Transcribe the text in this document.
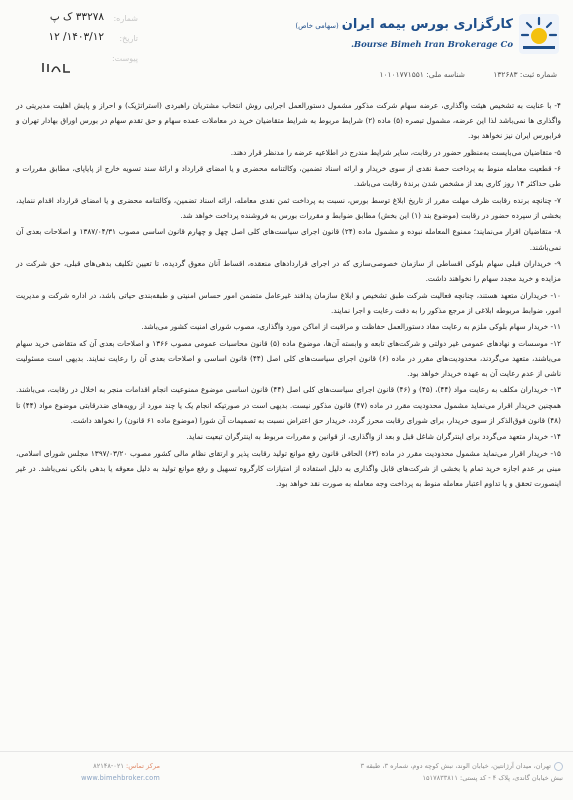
کارگزاری بورس بیمه ایران(سهامی خاص)
Bourse Bimeh Iran Brokerage Co.
شماره:
۳۳۲۷۸ ک پ
تاریخ:
۱۴۰۳/۱۲/ ۱۲
پیوست:
شماره ثبت: ۱۳۲۶۸۳ شناسه ملی: ۱۰۱۰۱۷۷۱۵۵۱

۴- با عنایت به تشخیص هیئت واگذاری، عرضه سهام شرکت مذکور مشمول دستورالعمل اجرایی روش انتخاب مشتریان راهبردی (استراتژیک) و احراز و پایش اهلیت مدیریتی در واگذاری ها نمی‌باشد لذا این عرضه، مشمول تبصره (۵) ماده (۲) شرایط مربوط به شرایط متقاضیان خرید در معاملات عمده سهام و حق تقدم سهام در بورس اوراق بهادار تهران و فرابورس ایران نیز نخواهد بود.

۵- متقاضیان می‌بایست به‌منظور حضور در رقابت، سایر شرایط مندرج در اطلاعیه عرضه را مدنظر قرار دهند.

۶- قطعیت معامله منوط به پرداخت حصهٔ نقدی از سوی خریدار و ارائه اسناد تضمین، وکالتنامه محضری و یا امضای قرارداد و ارائهٔ سند تسویه خارج از پایاپای، مطابق مقررات و طی حداکثر ۱۴ روز کاری بعد از مشخص شدن برندهٔ رقابت می‌باشد.

۷- چنانچه برنده رقابت ظرف مهلت مقرر از تاریخ ابلاغ توسط بورس، نسبت به پرداخت ثمن نقدی معامله، ارائه اسناد تضمین، وکالتنامه محضری و یا امضای قرارداد اقدام ننماید، بخشی از سپرده حضور در رقابت (موضوع بند (۱) این بخش) مطابق ضوابط و مقررات بورس به فروشنده پرداخت خواهد شد.

۸- متقاضیان اقرار می‌نمایند؛ ممنوع المعامله نبوده و مشمول ماده (۲۴) قانون اجرای سیاست‌های کلی اصل چهل و چهارم قانون اساسی مصوب ۱۳۸۷/۰۴/۳۱ و اصلاحات بعدی آن نمی‌باشند.

۹- خریداران قبلی سهام بلوکی اقساطی از سازمان خصوصی‌سازی که در اجرای قراردادهای منعقده، اقساط آنان معوق گردیده، تا تعیین تکلیف بدهی‌های قبلی، حق شرکت در مزایده و خرید مجدد سهام را نخواهند داشت.

۱۰- خریداران متعهد هستند، چنانچه فعالیت شرکت طبق تشخیص و ابلاغ سازمان پدافند غیرعامل متضمن امور حساس امنیتی و طبقه‌بندی حیاتی باشد، در اداره شرکت و مدیریت امور، ضوابط مربوطه ابلاغی از مرجع مذکور را به دقت رعایت و اجرا نمایند.

۱۱- خریدار سهام بلوکی ملزم به رعایت مفاد دستورالعمل حفاظت و مراقبت از اماکن مورد واگذاری، مصوب شورای امنیت کشور می‌باشد.

۱۲- موسسات و نهادهای عمومی غیر دولتی و شرکت‌های تابعه و وابسته آن‌ها، موضوع ماده (۵) قانون محاسبات عمومی مصوب ۱۳۶۶ و اصلاحات بعدی آن که متقاضی خرید سهام می‌باشند، متعهد می‌گردند، محدودیت‌های مقرر در ماده (۶) قانون اجرای سیاست‌های کلی اصل (۴۴) قانون اساسی و اصلاحات بعدی آن را رعایت نمایند. بدیهی است مسئولیت ناشی از عدم رعایت آن به عهده خریدار خواهد بود.

۱۳- خریداران مکلف به رعایت مواد (۴۴)، (۴۵) و (۴۶) قانون اجرای سیاست‌های کلی اصل (۴۴) قانون اساسی موضوع ممنوعیت انجام اقدامات منجر به اخلال در رقابت، می‌باشند. همچنین خریدار اقرار می‌نماید مشمول محدودیت مقرر در ماده (۴۷) قانون مذکور نیست. بدیهی است در صورتیکه انجام یک یا چند مورد از رویه‌های ضدرقابتی موضوع مواد (۴۴) تا (۴۸) قانون فوق‌الذکر از سوی خریدار، برای شورای رقابت محرز گردد، خریدار حق اعتراض نسبت به تصمیمات آن شورا (موضوع ماده ۶۱ قانون) را نخواهد داشت.

۱۴- خریدار متعهد می‌گردد برای اینترگران شاغل قبل و بعد از واگذاری، از قوانین و مقررات مربوط به اینترگران تبعیت نماید.

۱۵- خریدار اقرار می‌نماید مشمول محدودیت مقرر در ماده (۶۳) الحاقی قانون رفع موانع تولید رقابت پذیر و ارتقای نظام مالی کشور مصوب ۱۳۹۷/۰۳/۲۰ مجلس شورای اسلامی، مبنی بر عدم اجازه خرید تمام یا بخشی از شرکت‌های قابل واگذاری به دلیل استفاده از امتیازات کارگروه تسهیل و رفع موانع تولید به دلیل معوقه یا بدهی بانکی نمی‌باشد. در غیر اینصورت تحقق و یا تداوم اعتبار معامله منوط به پرداخت وجه معامله به صورت نقد خواهد بود.

تهران، میدان آرژانتین، خیابان الوند، نبش کوچه دوم، شماره ۳، طبقه ۳
نبش خیابان گاندی، پلاک ۴ - کد پستی: ۱۵۱۷۸۳۳۸۱۱
مرکز تماس: ۰۲۱-۸۲۱۴۸
www.bimehbroker.com
